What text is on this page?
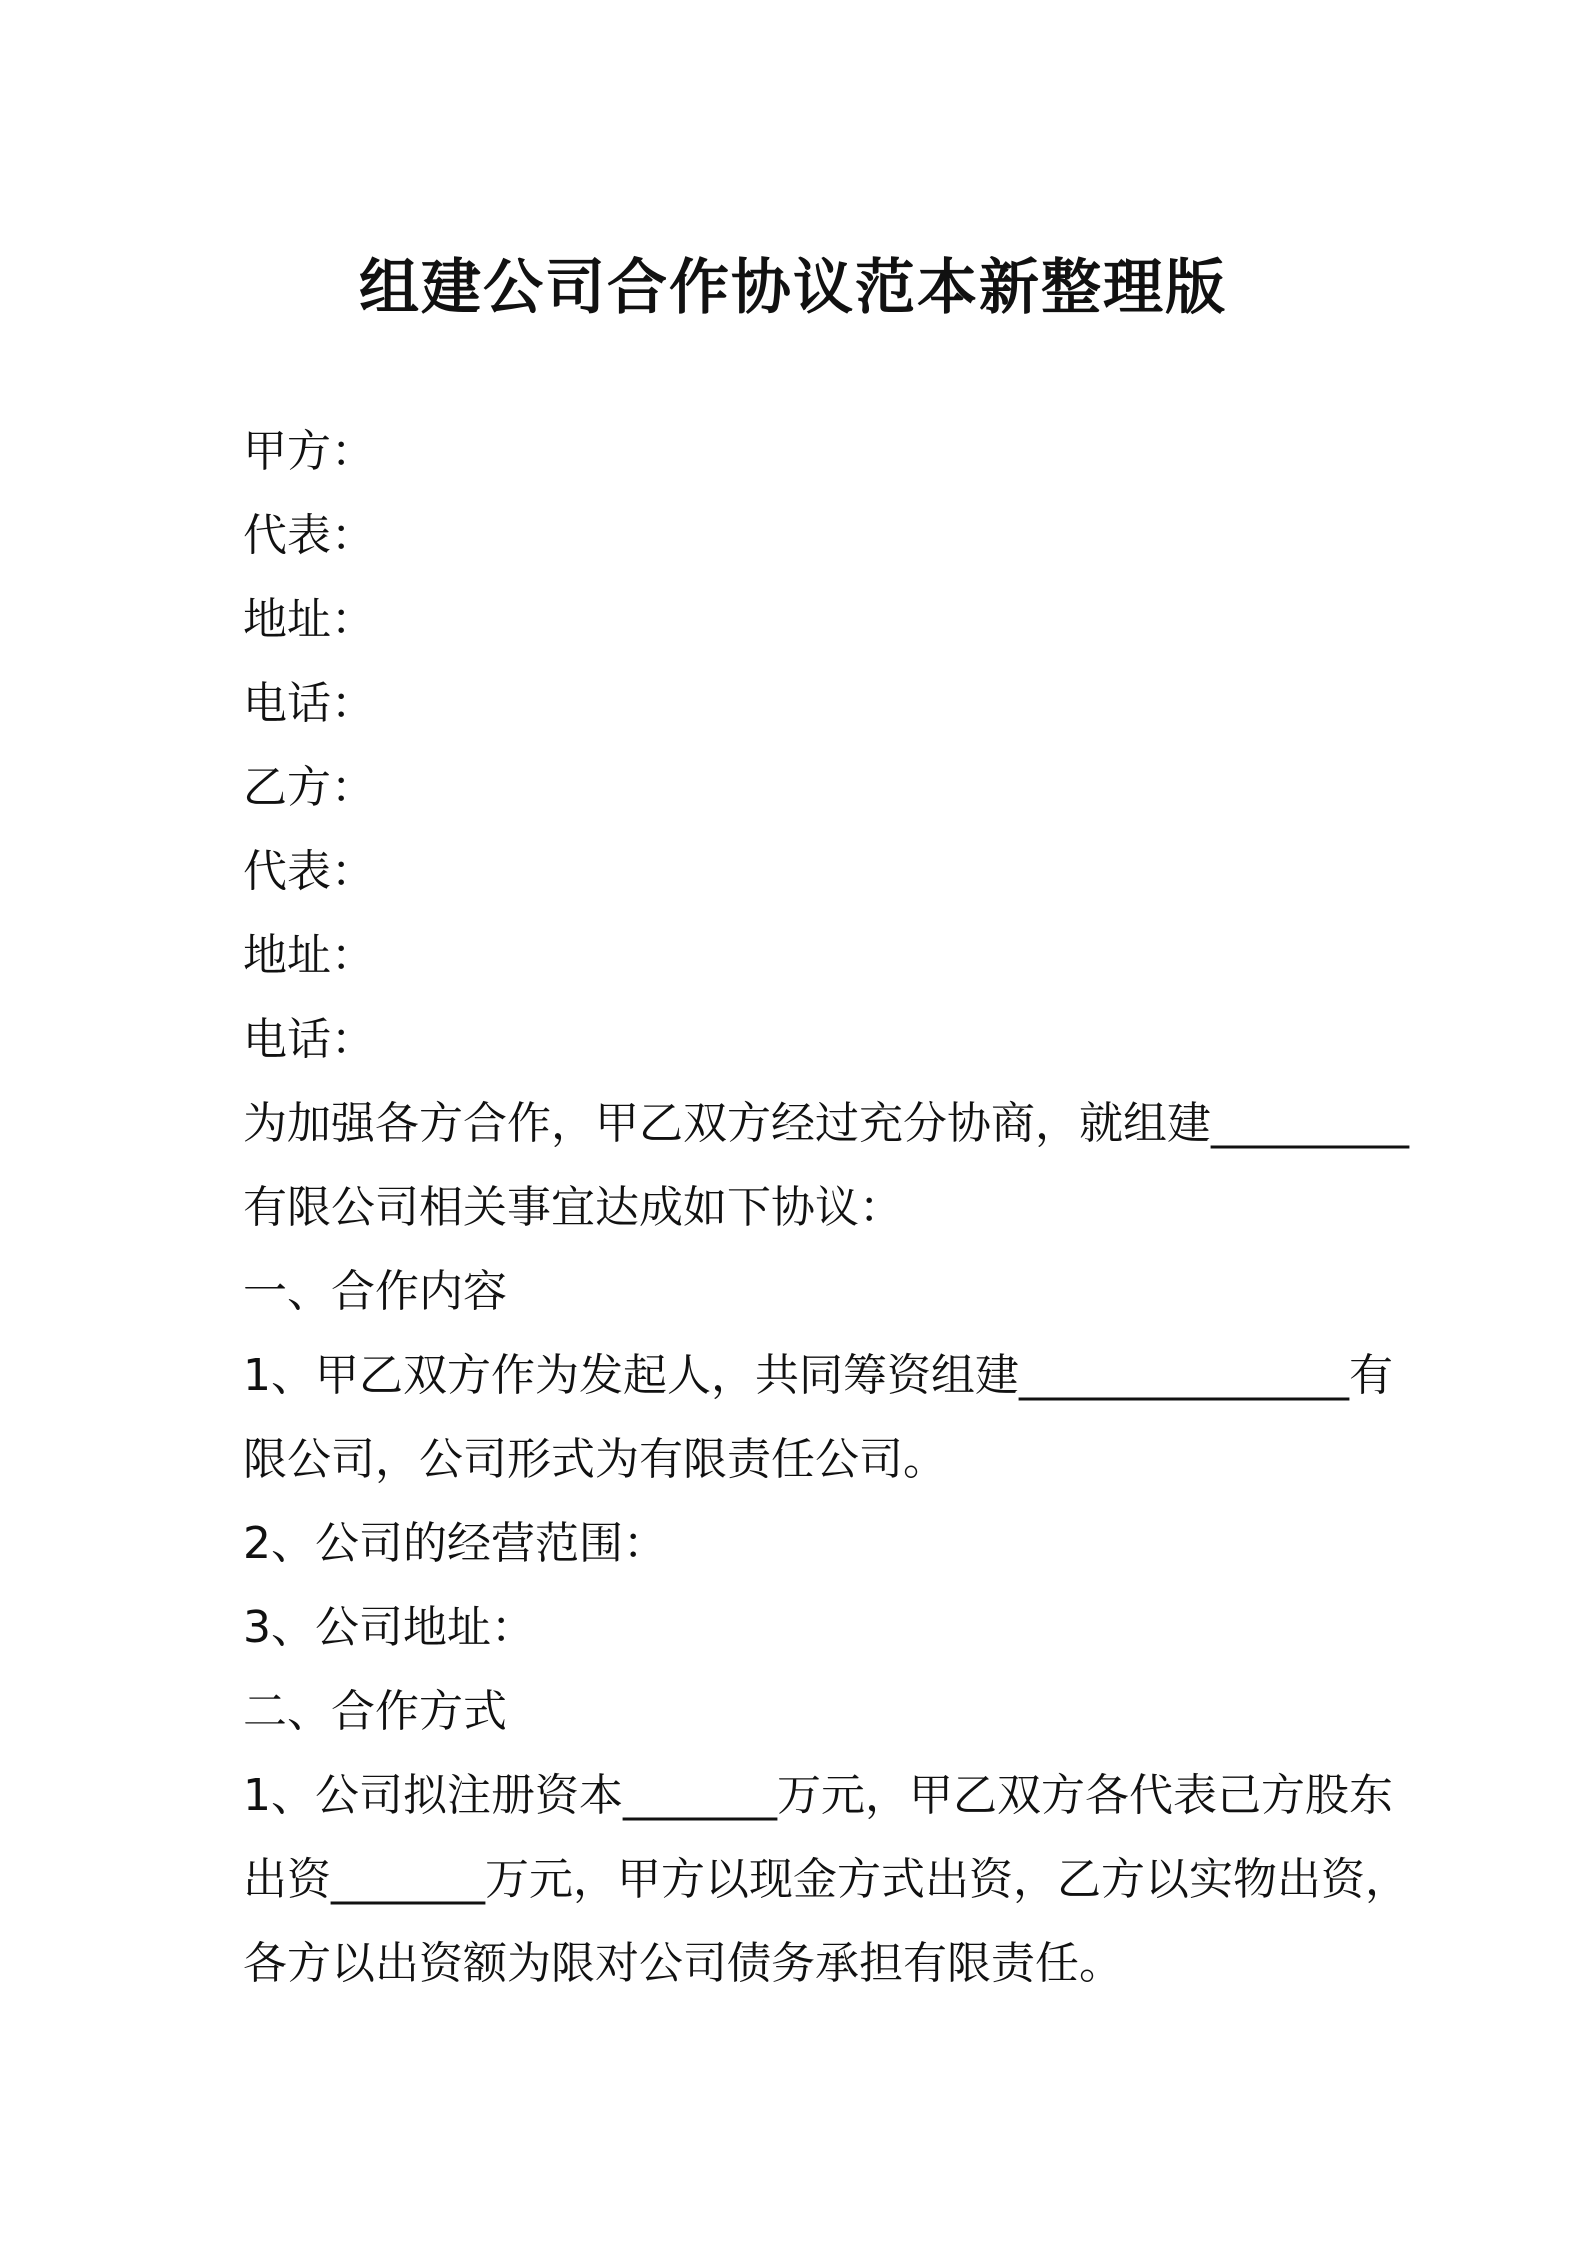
组建公司合作协议范本新整理版
甲方：
代表：
地址：
电话：
乙方：
代表：
地址：
电话：
为加强各方合作，甲乙双方经过充分协商，就组建_________
有限公司相关事宜达成如下协议：
一、合作内容
1、甲乙双方作为发起人，共同筹资组建_______________有
限公司，公司形式为有限责任公司。
2、公司的经营范围：
3、公司地址：
二、合作方式
1、公司拟注册资本_______万元，甲乙双方各代表己方股东
出资_______万元，甲方以现金方式出资，乙方以实物出资，
各方以出资额为限对公司债务承担有限责任。
